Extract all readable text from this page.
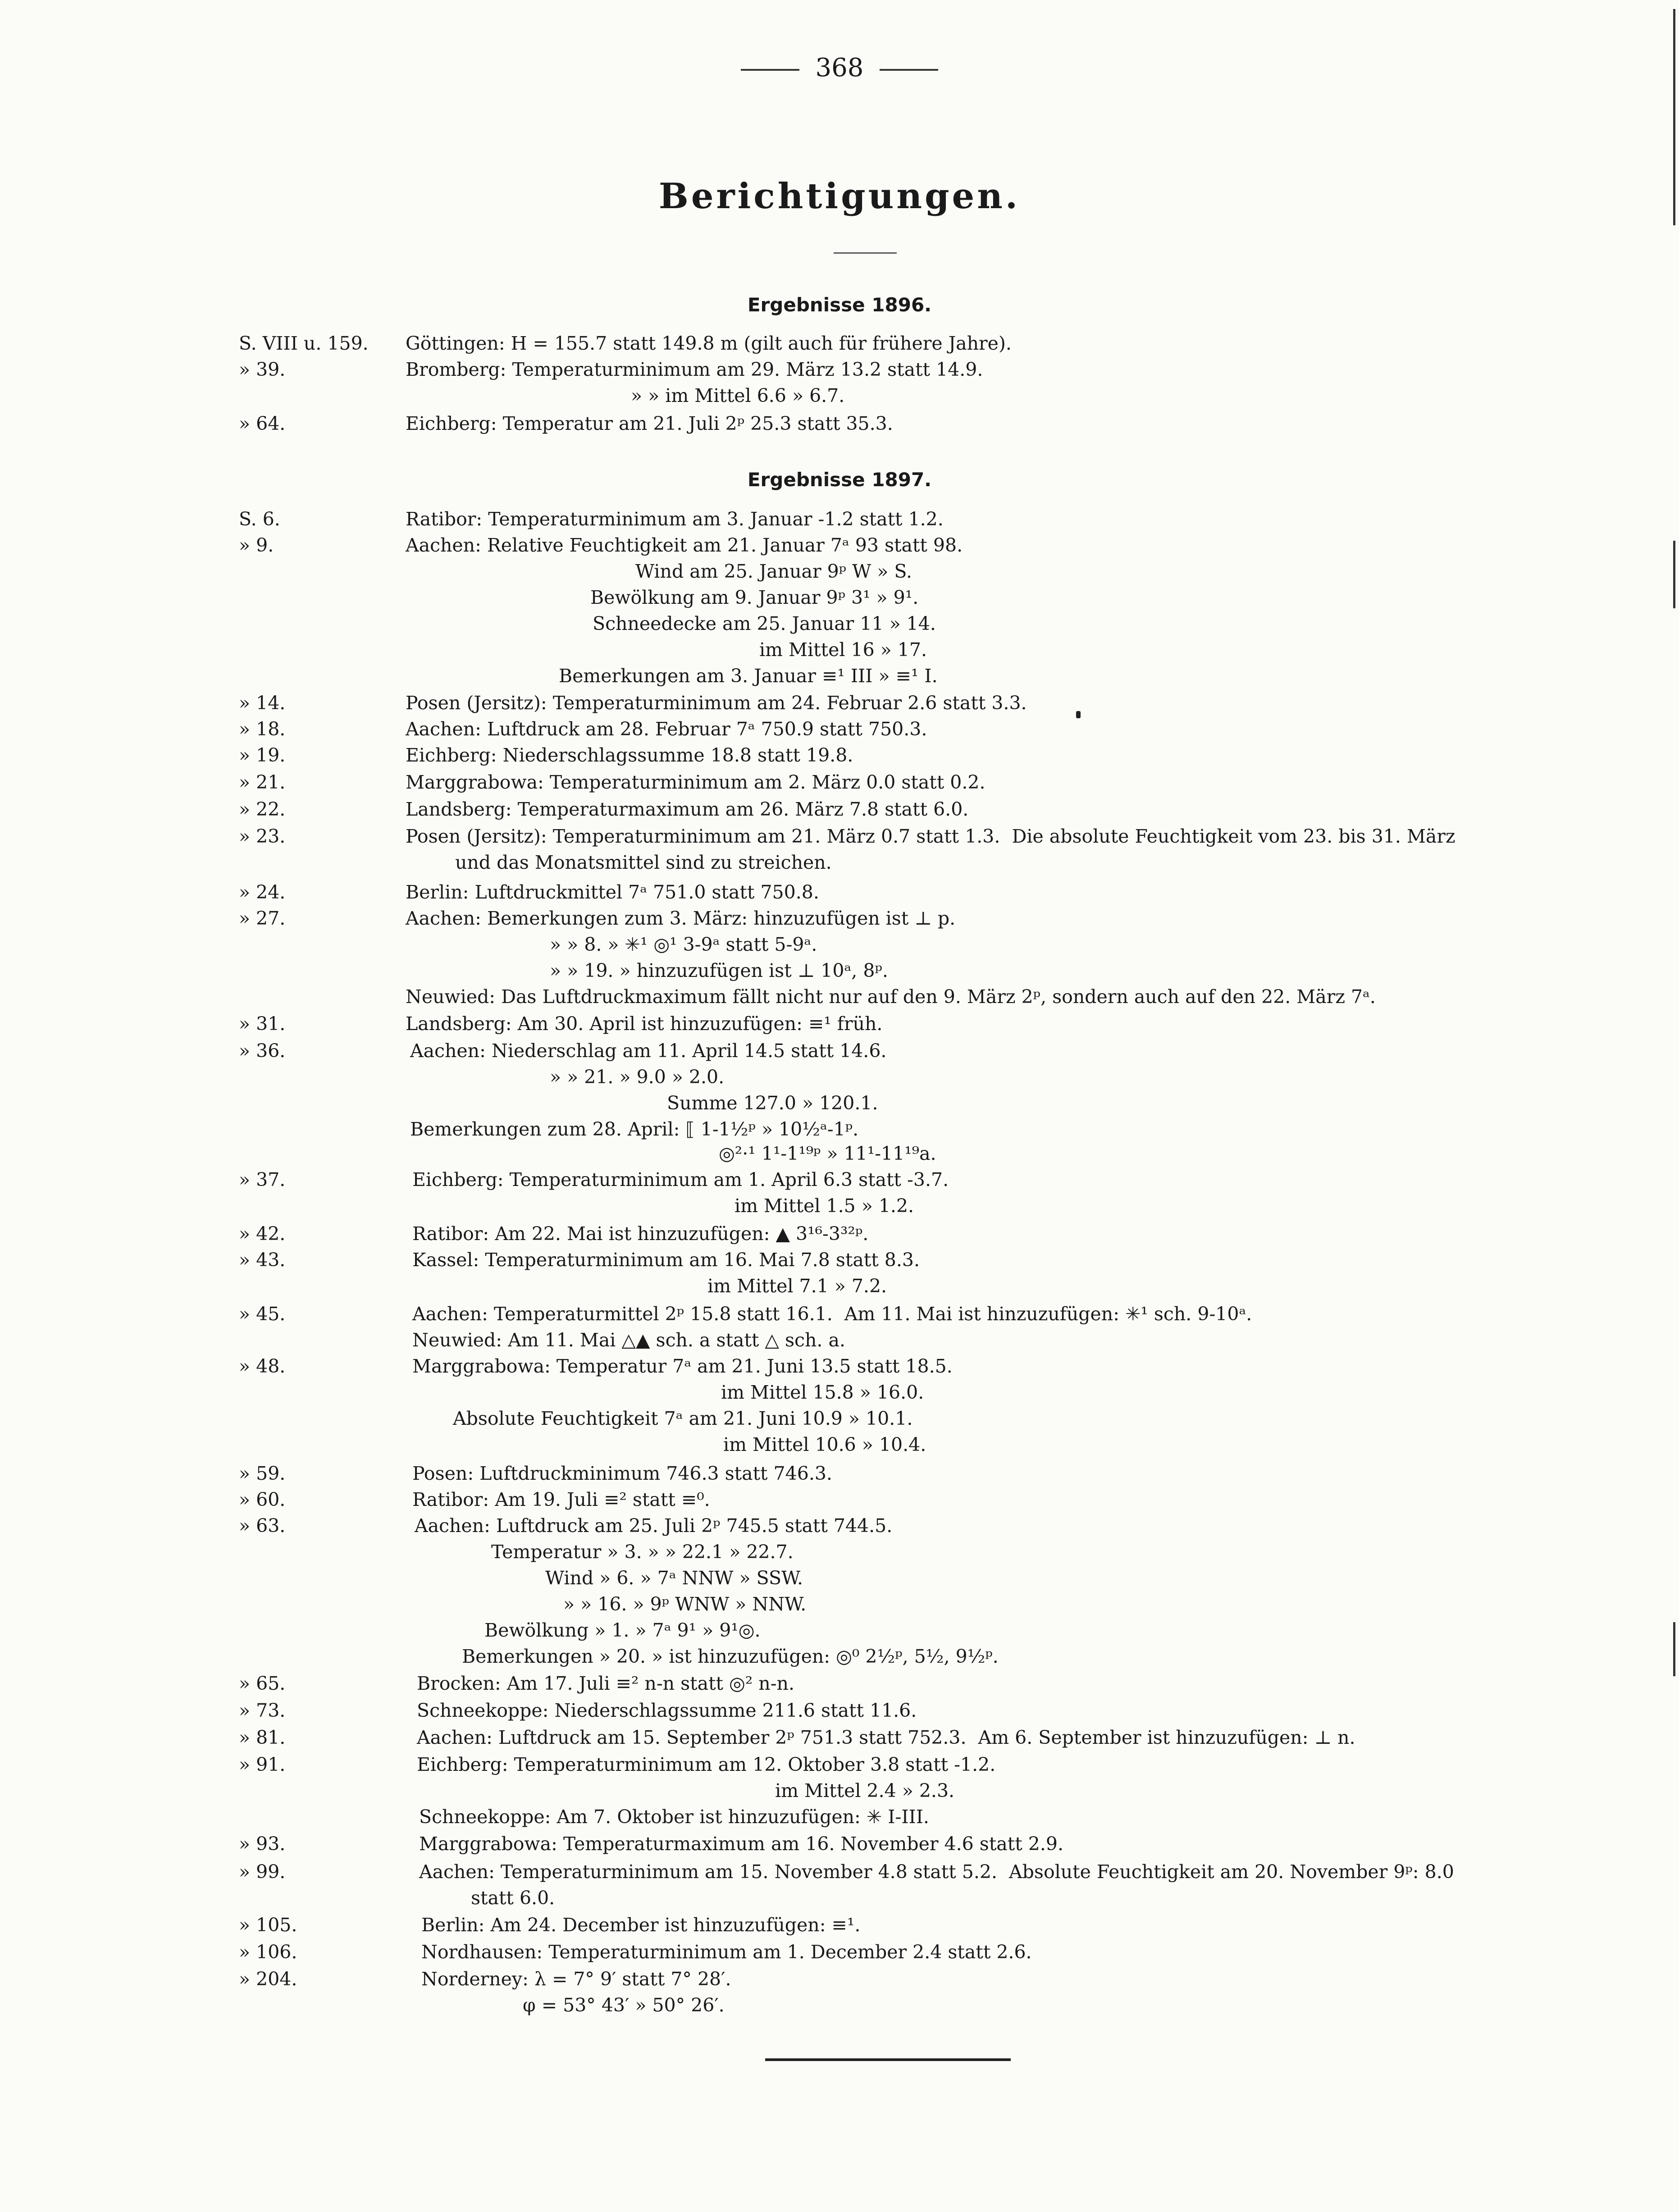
368
Berichtigungen.
Ergebnisse 1896.
Ergebnisse 1897.
S. VIII u. 159. Göttingen: H = 155.7 statt 149.8 m (gilt auch für frühere Jahre).
» 39.	Bromberg: Temperaturminimum am 29. März 13.2 statt 14.9.
» » im Mittel 6.6 » 6.7.
» 64.	Eichberg: Temperatur am 21. Juli 2ᵖ 25.3 statt 35.3.
S. 6.	Ratibor: Temperaturminimum am 3. Januar -1.2 statt 1.2.
» 9.	Aachen: Relative Feuchtigkeit am 21. Januar 7ᵃ 93 statt 98.
Wind am 25. Januar 9ᵖ W » S.
Bewölkung am 9. Januar 9ᵖ 3¹ » 9¹.
Schneedecke am 25. Januar 11 » 14.
im Mittel 16 » 17.
Bemerkungen am 3. Januar ≡¹ III » ≡¹ I.
» 14.	Posen (Jersitz): Temperaturminimum am 24. Februar 2.6 statt 3.3.
» 18.	Aachen: Luftdruck am 28. Februar 7ᵃ 750.9 statt 750.3.
» 19.	Eichberg: Niederschlagssumme 18.8 statt 19.8.
» 21.	Marggrabowa: Temperaturminimum am 2. März 0.0 statt 0.2.
» 22.	Landsberg: Temperaturmaximum am 26. März 7.8 statt 6.0.
» 23.	Posen (Jersitz): Temperaturminimum am 21. März 0.7 statt 1.3.  Die absolute Feuchtigkeit vom 23. bis 31. März
und das Monatsmittel sind zu streichen.
» 24.	Berlin: Luftdruckmittel 7ᵃ 751.0 statt 750.8.
» 27.	Aachen: Bemerkungen zum 3. März: hinzuzufügen ist ⊥ p.
» » 8. » ✳¹ ◎¹ 3-9ᵃ statt 5-9ᵃ.
» » 19. » hinzuzufügen ist ⊥ 10ᵃ, 8ᵖ.
Neuwied: Das Luftdruckmaximum fällt nicht nur auf den 9. März 2ᵖ, sondern auch auf den 22. März 7ᵃ.
» 31.	Landsberg: Am 30. April ist hinzuzufügen: ≡¹ früh.
» 36.	Aachen: Niederschlag am 11. April 14.5 statt 14.6.
» » 21. » 9.0 » 2.0.
Summe 127.0 » 120.1.
Bemerkungen zum 28. April: ⟦ 1-1½ᵖ » 10½ᵃ-1ᵖ.
◎²·¹ 1¹-1¹⁹ᵖ » 11¹-11¹⁹a.
» 37.	Eichberg: Temperaturminimum am 1. April 6.3 statt -3.7.
im Mittel 1.5 » 1.2.
» 42.	Ratibor: Am 22. Mai ist hinzuzufügen: ▲ 3¹⁶-3³²ᵖ.
» 43.	Kassel: Temperaturminimum am 16. Mai 7.8 statt 8.3.
im Mittel 7.1 » 7.2.
» 45.	Aachen: Temperaturmittel 2ᵖ 15.8 statt 16.1.  Am 11. Mai ist hinzuzufügen: ✳¹ sch. 9-10ᵃ.
Neuwied: Am 11. Mai △▲ sch. a statt △ sch. a.
» 48.	Marggrabowa: Temperatur 7ᵃ am 21. Juni 13.5 statt 18.5.
im Mittel 15.8 » 16.0.
Absolute Feuchtigkeit 7ᵃ am 21. Juni 10.9 » 10.1.
im Mittel 10.6 » 10.4.
» 59.	Posen: Luftdruckminimum 746.3 statt 746.3.
» 60.	Ratibor: Am 19. Juli ≡² statt ≡⁰.
» 63.	Aachen: Luftdruck am 25. Juli 2ᵖ 745.5 statt 744.5.
Temperatur » 3. » » 22.1 » 22.7.
Wind » 6. » 7ᵃ NNW » SSW.
» » 16. » 9ᵖ WNW » NNW.
Bewölkung » 1. » 7ᵃ 9¹ » 9¹◎.
Bemerkungen » 20. » ist hinzuzufügen: ◎⁰ 2½ᵖ, 5½, 9½ᵖ.
» 65.	Brocken: Am 17. Juli ≡² n-n statt ◎² n-n.
» 73.	Schneekoppe: Niederschlagssumme 211.6 statt 11.6.
» 81.	Aachen: Luftdruck am 15. September 2ᵖ 751.3 statt 752.3.  Am 6. September ist hinzuzufügen: ⊥ n.
» 91.	Eichberg: Temperaturminimum am 12. Oktober 3.8 statt -1.2.
im Mittel 2.4 » 2.3.
Schneekoppe: Am 7. Oktober ist hinzuzufügen: ✳ I-III.
» 93.	Marggrabowa: Temperaturmaximum am 16. November 4.6 statt 2.9.
» 99.	Aachen: Temperaturminimum am 15. November 4.8 statt 5.2.  Absolute Feuchtigkeit am 20. November 9ᵖ: 8.0
statt 6.0.
» 105.	Berlin: Am 24. December ist hinzuzufügen: ≡¹.
» 106.	Nordhausen: Temperaturminimum am 1. December 2.4 statt 2.6.
» 204.	Norderney: λ = 7° 9′ statt 7° 28′.
φ = 53° 43′ » 50° 26′.
